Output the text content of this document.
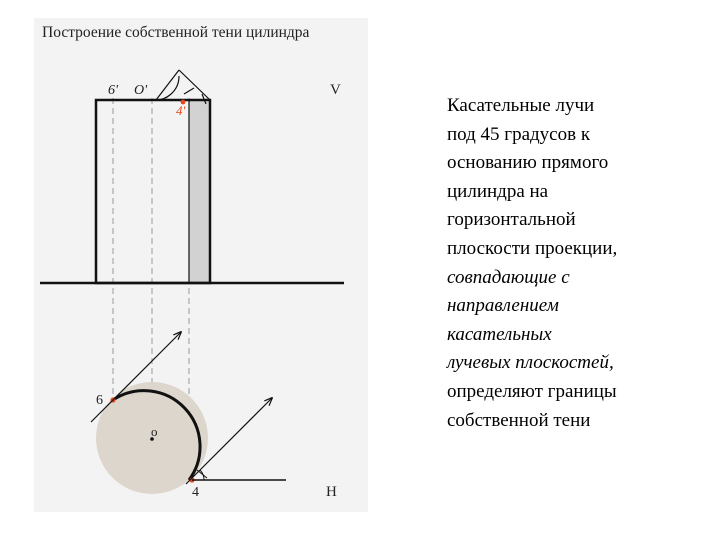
6' O'
4'
V
6
o
4	H
Построение собственной тени цилиндра
Касательные лучи
под 45 градусов к
основанию прямого
цилиндра на
горизонтальной
плоскости проекции,
совпадающие с
направлением
касательных
лучевых плоскостей,
определяют границы
собственной тени
